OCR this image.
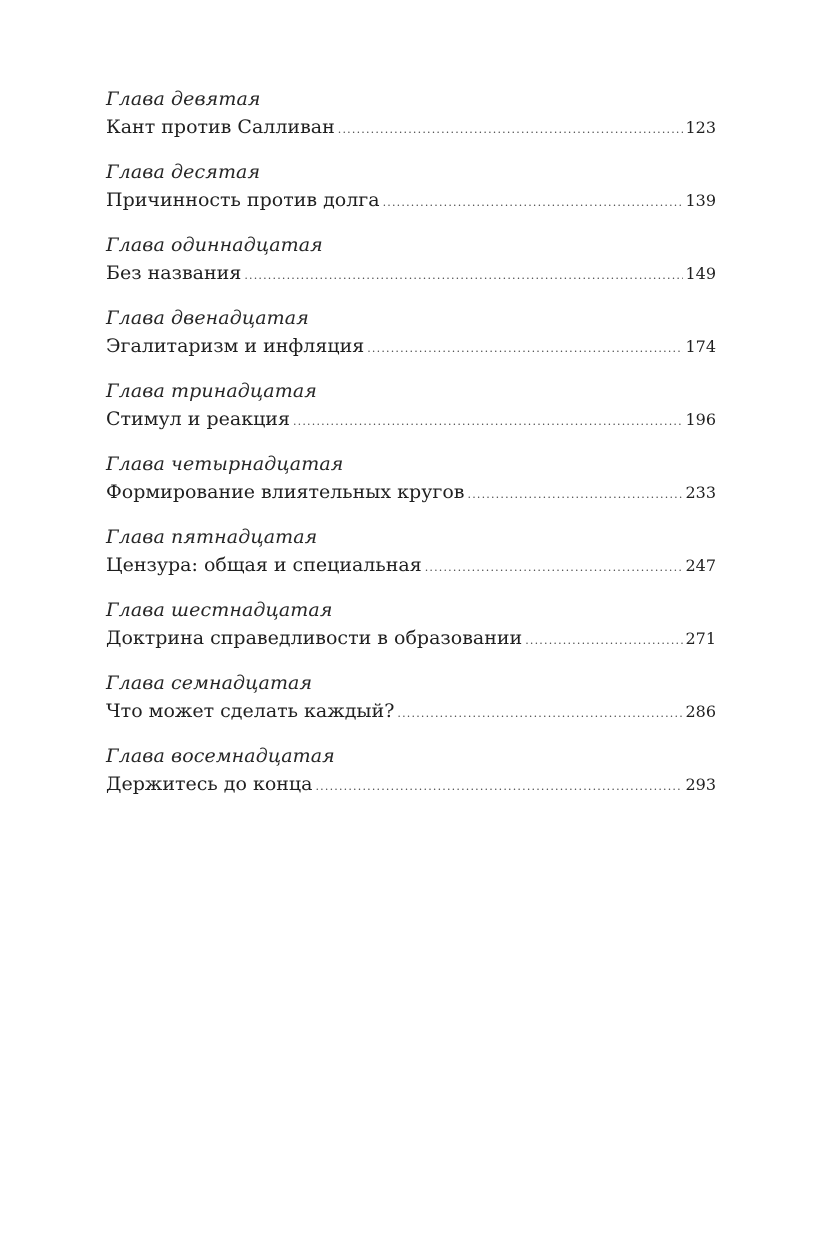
Глава девятая
Кант против Салливан .....	123
Глава десятая
Причинность против долга .....	139
Глава одиннадцатая
Без названия .....	149
Глава двенадцатая
Эгалитаризм и инфляция .....	174
Глава тринадцатая
Стимул и реакция .....	196
Глава четырнадцатая
Формирование влиятельных кругов .....	233
Глава пятнадцатая
Цензура: общая и специальная .....	247
Глава шестнадцатая
Доктрина справедливости в образовании .....	271
Глава семнадцатая
Что может сделать каждый? .....	286
Глава восемнадцатая
Держитесь до конца .....	293
